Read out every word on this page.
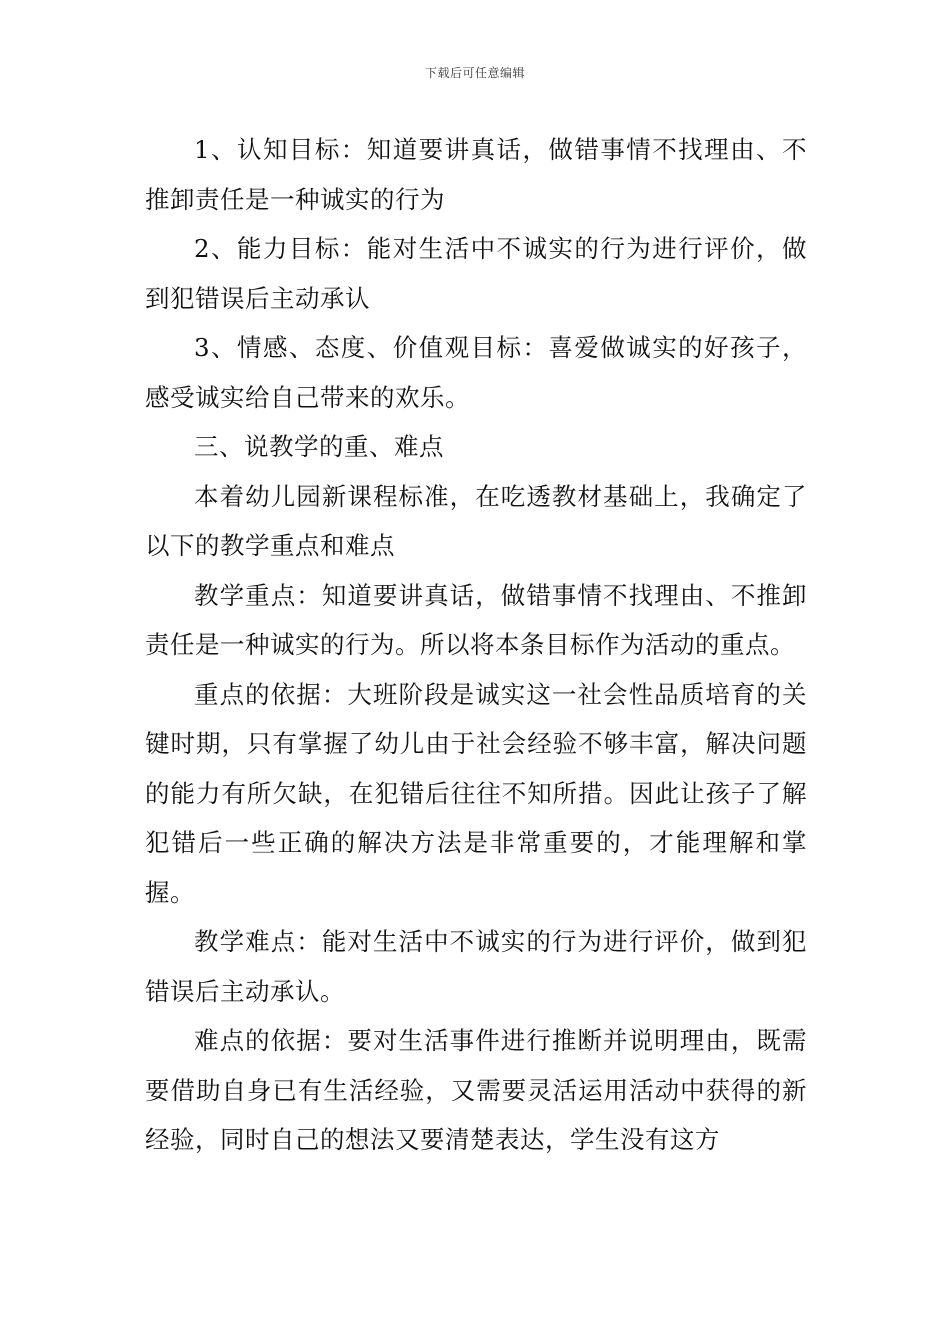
下载后可任意编辑

1、认知目标：知道要讲真话，做错事情不找理由、不推卸责任是一种诚实的行为

2、能力目标：能对生活中不诚实的行为进行评价，做到犯错误后主动承认

3、情感、态度、价值观目标：喜爱做诚实的好孩子，感受诚实给自己带来的欢乐。

三、说教学的重、难点

本着幼儿园新课程标准，在吃透教材基础上，我确定了以下的教学重点和难点

教学重点：知道要讲真话，做错事情不找理由、不推卸责任是一种诚实的行为。所以将本条目标作为活动的重点。

重点的依据：大班阶段是诚实这一社会性品质培育的关键时期，只有掌握了幼儿由于社会经验不够丰富，解决问题的能力有所欠缺，在犯错后往往不知所措。因此让孩子了解犯错后一些正确的解决方法是非常重要的，才能理解和掌握。

教学难点：能对生活中不诚实的行为进行评价，做到犯错误后主动承认。

难点的依据：要对生活事件进行推断并说明理由，既需要借助自身已有生活经验，又需要灵活运用活动中获得的新经验，同时自己的想法又要清楚表达，学生没有这方
